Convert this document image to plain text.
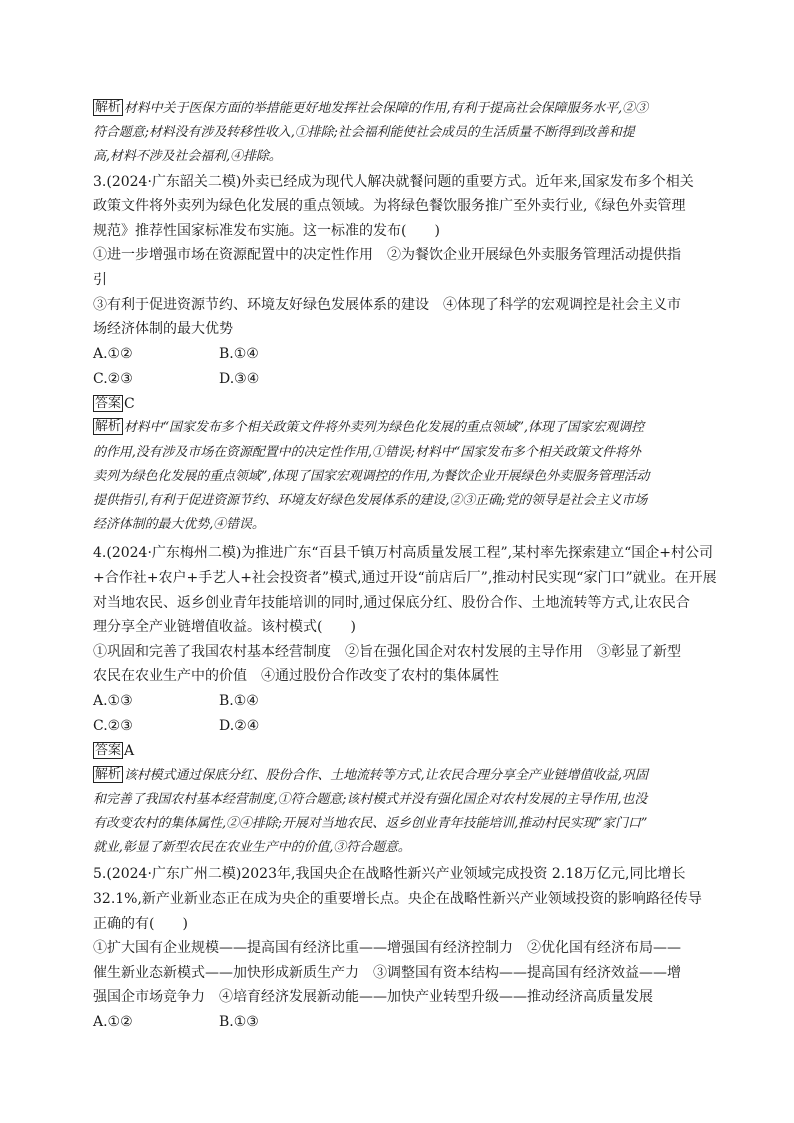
解析 材料中关于医保方面的举措能更好地发挥社会保障的作用,有利于提高社会保障服务水平,②③
符合题意;材料没有涉及转移性收入,①排除;社会福利能使社会成员的生活质量不断得到改善和提
高,材料不涉及社会福利,④排除。
3.(2024·广东韶关二模)外卖已经成为现代人解决就餐问题的重要方式。近年来,国家发布多个相关
政策文件将外卖列为绿色化发展的重点领域。为将绿色餐饮服务推广至外卖行业,《绿色外卖管理
规范》推荐性国家标准发布实施。这一标准的发布(　　)
①进一步增强市场在资源配置中的决定性作用　②为餐饮企业开展绿色外卖服务管理活动提供指
引
③有利于促进资源节约、环境友好绿色发展体系的建设　④体现了科学的宏观调控是社会主义市
场经济体制的最大优势
A.①②	B.①④
C.②③	D.③④
答案 C
解析 材料中“国家发布多个相关政策文件将外卖列为绿色化发展的重点领域”,体现了国家宏观调控
的作用,没有涉及市场在资源配置中的决定性作用,①错误;材料中“国家发布多个相关政策文件将外
卖列为绿色化发展的重点领域”,体现了国家宏观调控的作用,为餐饮企业开展绿色外卖服务管理活动
提供指引,有利于促进资源节约、环境友好绿色发展体系的建设,②③正确;党的领导是社会主义市场
经济体制的最大优势,④错误。
4.(2024·广东梅州二模)为推进广东“百县千镇万村高质量发展工程”,某村率先探索建立“国企+村公司
+合作社+农户+手艺人+社会投资者”模式,通过开设“前店后厂”,推动村民实现“家门口”就业。在开展
对当地农民、返乡创业青年技能培训的同时,通过保底分红、股份合作、土地流转等方式,让农民合
理分享全产业链增值收益。该村模式(　　)
①巩固和完善了我国农村基本经营制度　②旨在强化国企对农村发展的主导作用　③彰显了新型
农民在农业生产中的价值　④通过股份合作改变了农村的集体属性
A.①③	B.①④
C.②③	D.②④
答案 A
解析 该村模式通过保底分红、股份合作、土地流转等方式,让农民合理分享全产业链增值收益,巩固
和完善了我国农村基本经营制度,①符合题意;该村模式并没有强化国企对农村发展的主导作用,也没
有改变农村的集体属性,②④排除;开展对当地农民、返乡创业青年技能培训,推动村民实现“家门口”
就业,彰显了新型农民在农业生产中的价值,③符合题意。
5.(2024·广东广州二模)2023年,我国央企在战略性新兴产业领域完成投资 2.18万亿元,同比增长
32.1%,新产业新业态正在成为央企的重要增长点。央企在战略性新兴产业领域投资的影响路径传导
正确的有(　　)
①扩大国有企业规模——提高国有经济比重——增强国有经济控制力　②优化国有经济布局——
催生新业态新模式——加快形成新质生产力　③调整国有资本结构——提高国有经济效益——增
强国企市场竞争力　④培育经济发展新动能——加快产业转型升级——推动经济高质量发展
A.①②	B.①③
